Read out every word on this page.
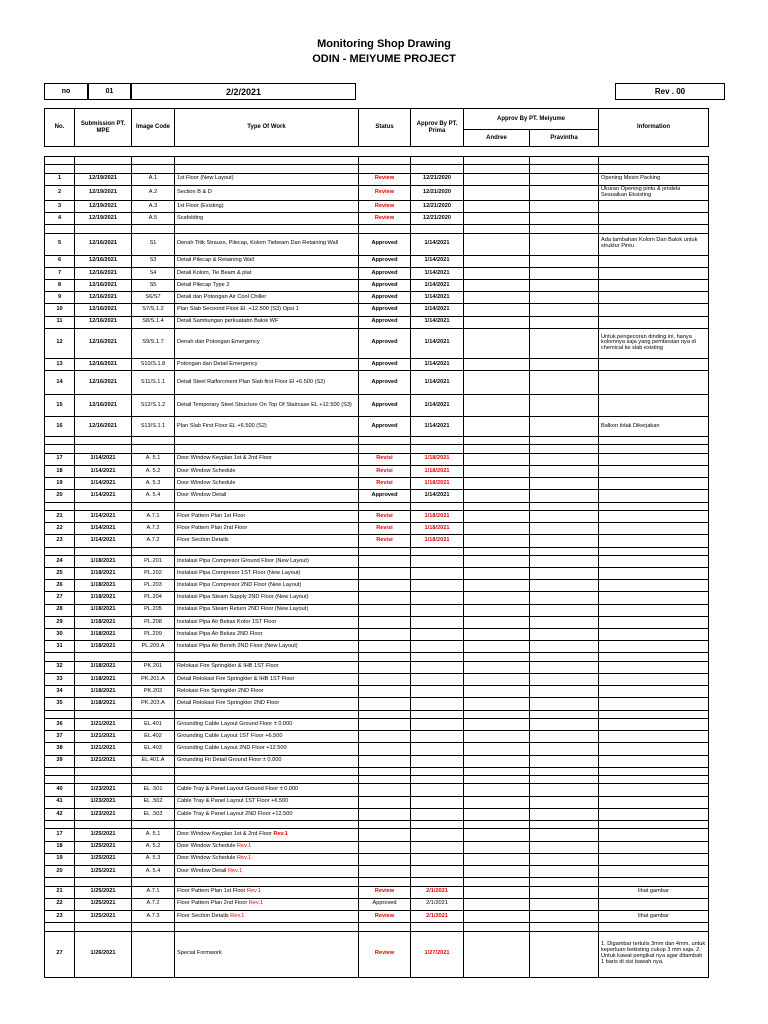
Monitoring Shop Drawing
ODIN - MEIYUME PROJECT
no	01	2/2/2021	Rev . 00
No.	Submission PT. MPE	Image Code	Type Of Work	Status	Approv By PT. Prima	Approv By PT. Meiyume		Information
						Andree	Pravintha	

1	12/19/2021	A.1	1st Floor (New Layout)	Review	12/21/2020			Opening Mesin Packing
2	12/19/2021	A.2	Section B & D	Review	12/21/2020			Ukuran Opening pintu & jendela Sesuaikan Eksisting
3	12/19/2021	A.3	1st Floor (Existing)	Review	12/21/2020			
4	12/19/2021	A.5	Scafolding	Review	12/21/2020			

5	12/16/2021	S1	Denah Titik Strauss, Pilecap, Kolom Tiebeam Dan Retaining Wall	Approved	1/14/2021			Ada tambahan Kolom Dan Balok untuk struktur Pintu
6	12/16/2021	S3	Detail Pilecap & Retaining Wall	Approved	1/14/2021			
7	12/16/2021	S4	Detail Kolom, Tie Beam & plat	Approved	1/14/2021			
8	12/16/2021	S5	Detail Pilecap Type 2	Approved	1/14/2021			
9	12/16/2021	S6/S7	Detail dan Potongan Air Cool Chiller	Approved	1/14/2021			
10	12/16/2021	S7/S.1.2	Plan Slab Secoond Floor El. +12.500 (S3) Opsi 1	Approved	1/14/2021			
11	12/16/2021	S8/S.1.4	Detail Sambungan perkuatabn Balok WF	Approved	1/14/2021			
12	12/16/2021	S9/S.1.7	Denah dan Potongan Emergency	Approved	1/14/2021			Untuk pengecoran dinding ini, hanya kolomnya saja yang pembesian nya di chemical ke slab existing
13	12/16/2021	S10/S.1.8	Potongan dan Detail Emergency	Approved	1/14/2021			
14	12/16/2021	S11/S.1.1	Detail Steel Raiforcment Plan Slab first Floor El +6.500 (S2)	Approved	1/14/2021			
15	12/16/2021	S12/S.1.2	Detail Temporary Steel Structure On Top Of Staircase EL +12.500 (S3)	Approved	1/14/2021			
16	12/16/2021	S13/S.1.1	Plan Slab First Floor EL +6.500 (S2)	Approved	1/14/2021			Balkon tidak Dikerjakan

17	1/14/2021	A. 5.1	Door Window Keyplan 1st & 2nd Floor	Revisi	1/18/2021			
18	1/14/2021	A. 5.2	Door Window Schedule	Revisi	1/18/2021			
19	1/14/2021	A. 5.3	Door Window Schedule	Revisi	1/18/2021			
20	1/14/2021	A. 5.4	Door Window Detail	Approved	1/14/2021			

21	1/14/2021	A.7.1	Floor Pattern Plan 1st Floor	Revisi	1/18/2021			
22	1/14/2021	A.7.2	Floor Pattern Plan 2nd Floor	Revisi	1/18/2021			
23	1/14/2021	A.7.2	Floor Section Details	Revisi	1/18/2021			

24	1/18/2021	PL.201	Instalasi Pipa Compresor Ground Floor (New Layout)					
25	1/18/2021	PL.202	Instalasi Pipa Compresor 1ST Floor (New Layout)					
26	1/18/2021	PL.203	Instalasi Pipa Compresor 2ND Floor (New Layout)					
27	1/18/2021	PL.204	Instalasi Pipa Steam Supply 2ND Floor (New Layout)					
28	1/18/2021	PL.205	Instalasi Pipa Steam Return 2ND Floor (New Layout)					
29	1/18/2021	PL.208	Instalasi Pipa Air Bekas Kotor 1ST Floor					
30	1/18/2021	PL.209	Instalasi Pipa Air Bekas 2ND Floor					
31	1/18/2021	PL.209.A	Instalasi Pipa Air Bersih 2ND Floor (New Layout)					

32	1/18/2021	PK.201	Relokasi Fire Springkler & IHB 1ST Floor					
33	1/18/2021	PK.201.A	Detail Relokasi Fire Springkler & IHB 1ST Floor					
34	1/18/2021	PK.203	Relokasi Fire Springkler 2ND Floor					
35	1/18/2021	PK.203.A	Detail Relokasi Fire Springkler 2ND Floor					

36	1/21/2021	EL.401	Grounding Cable Layout Ground Floor ± 0.000					
37	1/21/2021	EL.402	Grounding Cable Layout 1ST Floor +6.500					
38	1/21/2021	EL.403	Grounding Cable Layout 2ND Floor +12.500					
39	1/21/2021	EL.401.A	Grounding Fit Detail Ground Floor ± 0.000					

40	1/23/2021	EL .501	Cable Tray & Panel Layout Ground Floor ± 0.000					
41	1/23/2021	EL .502	Cable Tray & Panel Layout 1ST Floor +6.500					
42	1/23/2021	EL .503	Cable Tray & Panel Layout 2ND Floor +12.500					

17	1/25/2021	A. 5.1	Door Window Keyplan 1st & 2nd Floor Rev.1					
18	1/25/2021	A. 5.2	Door Window Schedule Rev.1					
19	1/25/2021	A. 5.3	Door Window Schedule Rev.1					
20	1/25/2021	A. 5.4	Door Window Detail Rev.1					

21	1/25/2021	A.7.1	Floor Pattern Plan 1st Floor Rev.1	Review	2/1/2021			lihat gambar
22	1/25/2021	A.7.2	Floor Pattern Plan 2nd Floor Rev.1	Approved	2/1/2021			
23	1/25/2021	A.7.3	Floor Section Details Rev.1	Review	2/1/2021			lihat gambar

27	1/26/2021		Special Formwork	Review	1/27/2021			1. Digambar tertulis 3mm dan 4mm, untuk keperluan bekisting cukup 3 mm saja. 2. Untuk kawat pengikat nya agar ditambah 1 baris di sisi bawah nya.
